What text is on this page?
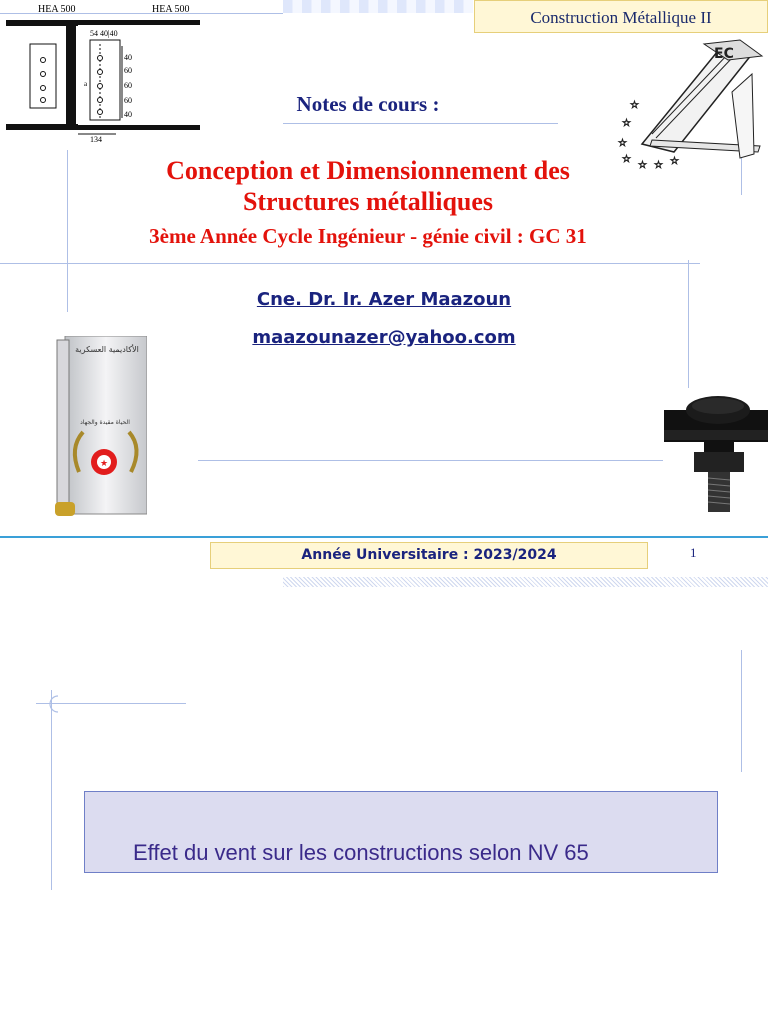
Construction Métallique II
HEA 500	HEA 500
54 40|40
40
60
60
60
40
a
134
EC
☆
☆
☆
☆
☆ ☆ ☆
Notes de cours :
Conception et Dimensionnement des
Structures métalliques
3ème Année Cycle Ingénieur - génie civil : GC 31
Cne. Dr. Ir. Azer Maazoun
maazounazer@yahoo.com
الأكاديمية العسكرية
الحياة مقيدة والجهاد
★
Année Universitaire : 2023/2024	1
Effet du vent sur les constructions selon NV 65
